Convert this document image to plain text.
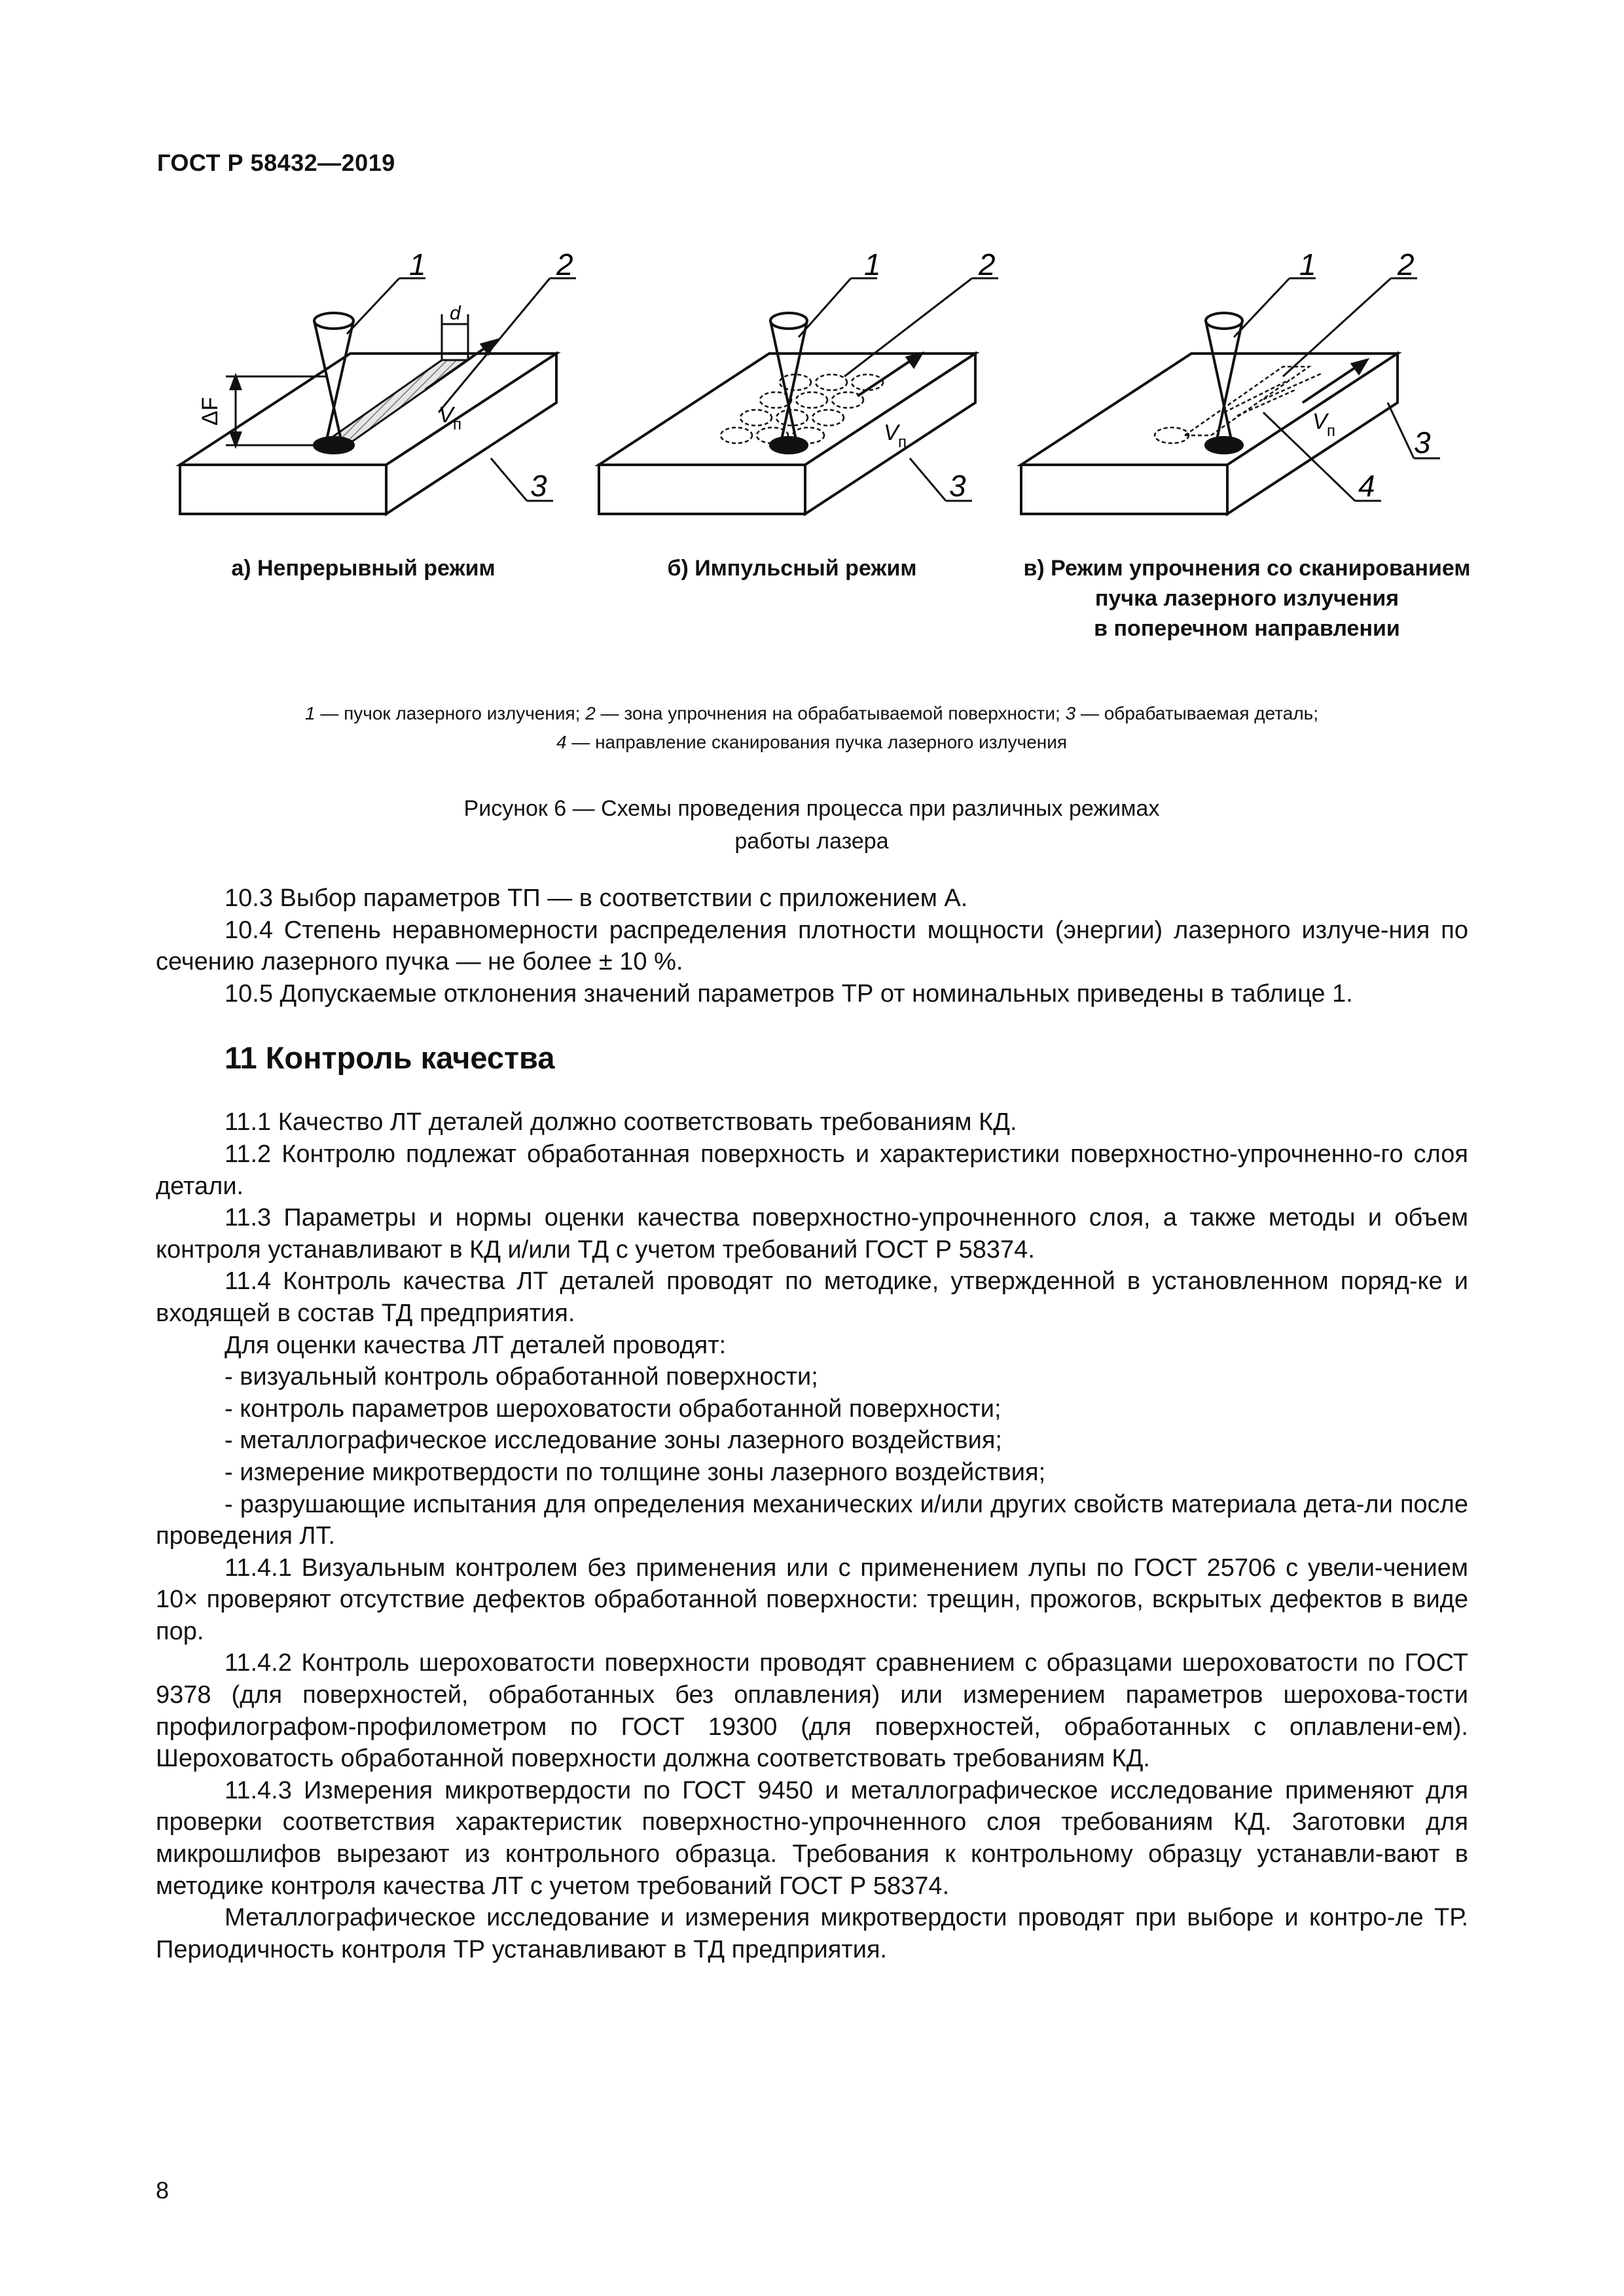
ГОСТ Р 58432—2019
1	2
3
d
ΔF	V п
1	2
3
V п
1	2
3
4
V п
а) Непрерывный режим	б) Импульсный режим	в) Режим упрочнения со сканированием
пучка лазерного излучения
в поперечном направлении
1 — пучок лазерного излучения; 2 — зона упрочнения на обрабатываемой поверхности; 3 — обрабатываемая деталь;
4 — направление сканирования пучка лазерного излучения
Рисунок 6 — Схемы проведения процесса при различных режимах
работы лазера

10.3 Выбор параметров ТП — в соответствии с приложением А.

10.4 Степень неравномерности распределения плотности мощности (энергии) лазерного излуче-ния по сечению лазерного пучка — не более ± 10 %.

10.5 Допускаемые отклонения значений параметров ТР от номинальных приведены в таблице 1.

11 Контроль качества

11.1 Качество ЛТ деталей должно соответствовать требованиям КД.

11.2 Контролю подлежат обработанная поверхность и характеристики поверхностно-упрочненно-го слоя детали.

11.3 Параметры и нормы оценки качества поверхностно-упрочненного слоя, а также методы и объем контроля устанавливают в КД и/или ТД с учетом требований ГОСТ Р 58374.

11.4 Контроль качества ЛТ деталей проводят по методике, утвержденной в установленном поряд-ке и входящей в состав ТД предприятия.

Для оценки качества ЛТ деталей проводят:

- визуальный контроль обработанной поверхности;

- контроль параметров шероховатости обработанной поверхности;

- металлографическое исследование зоны лазерного воздействия;

- измерение микротвердости по толщине зоны лазерного воздействия;

- разрушающие испытания для определения механических и/или других свойств материала дета-ли после проведения ЛТ.

11.4.1 Визуальным контролем без применения или с применением лупы по ГОСТ 25706 с увели-чением 10× проверяют отсутствие дефектов обработанной поверхности: трещин, прожогов, вскрытых дефектов в виде пор.

11.4.2 Контроль шероховатости поверхности проводят сравнением с образцами шероховатости по ГОСТ 9378 (для поверхностей, обработанных без оплавления) или измерением параметров шерохова-тости профилографом-профилометром по ГОСТ 19300 (для поверхностей, обработанных с оплавлени-ем). Шероховатость обработанной поверхности должна соответствовать требованиям КД.

11.4.3 Измерения микротвердости по ГОСТ 9450 и металлографическое исследование применяют для проверки соответствия характеристик поверхностно-упрочненного слоя требованиям КД. Заготовки для микрошлифов вырезают из контрольного образца. Требования к контрольному образцу устанавли-вают в методике контроля качества ЛТ с учетом требований ГОСТ Р 58374.

Металлографическое исследование и измерения микротвердости проводят при выборе и контро-ле ТР. Периодичность контроля ТР устанавливают в ТД предприятия.

8
